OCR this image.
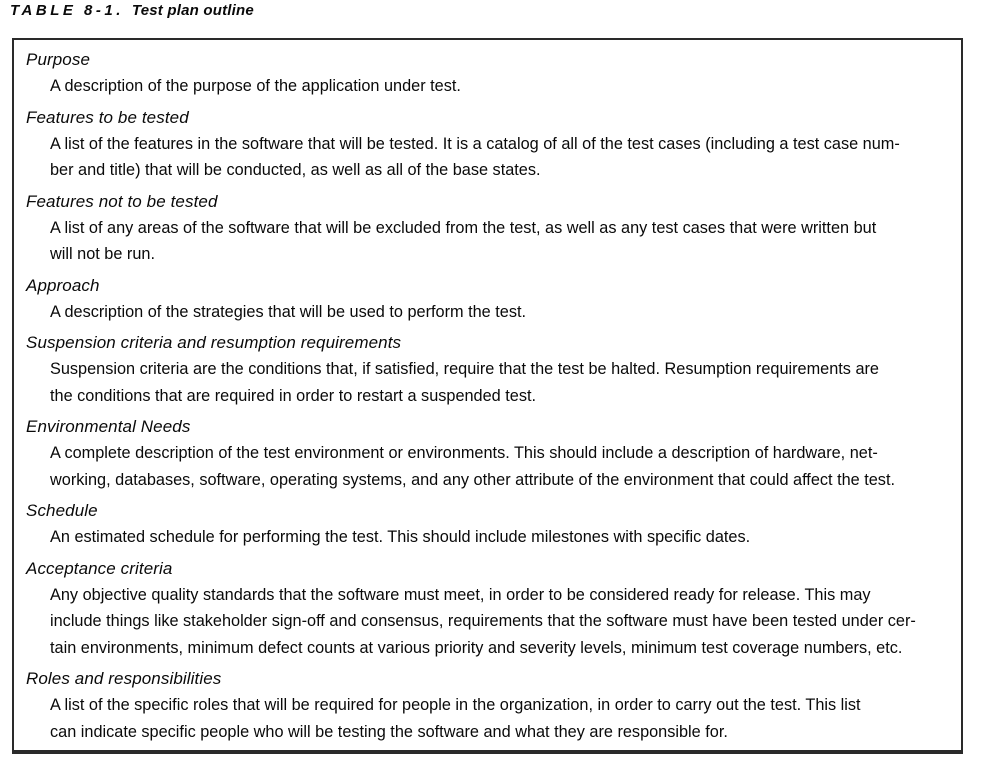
TABLE 8-1. Test plan outline
Purpose
A description of the purpose of the application under test.
Features to be tested
A list of the features in the software that will be tested. It is a catalog of all of the test cases (including a test case num-
ber and title) that will be conducted, as well as all of the base states.
Features not to be tested
A list of any areas of the software that will be excluded from the test, as well as any test cases that were written but
will not be run.
Approach
A description of the strategies that will be used to perform the test.
Suspension criteria and resumption requirements
Suspension criteria are the conditions that, if satisfied, require that the test be halted. Resumption requirements are
the conditions that are required in order to restart a suspended test.
Environmental Needs
A complete description of the test environment or environments. This should include a description of hardware, net-
working, databases, software, operating systems, and any other attribute of the environment that could affect the test.
Schedule
An estimated schedule for performing the test. This should include milestones with specific dates.
Acceptance criteria
Any objective quality standards that the software must meet, in order to be considered ready for release. This may
include things like stakeholder sign-off and consensus, requirements that the software must have been tested under cer-
tain environments, minimum defect counts at various priority and severity levels, minimum test coverage numbers, etc.
Roles and responsibilities
A list of the specific roles that will be required for people in the organization, in order to carry out the test. This list
can indicate specific people who will be testing the software and what they are responsible for.
